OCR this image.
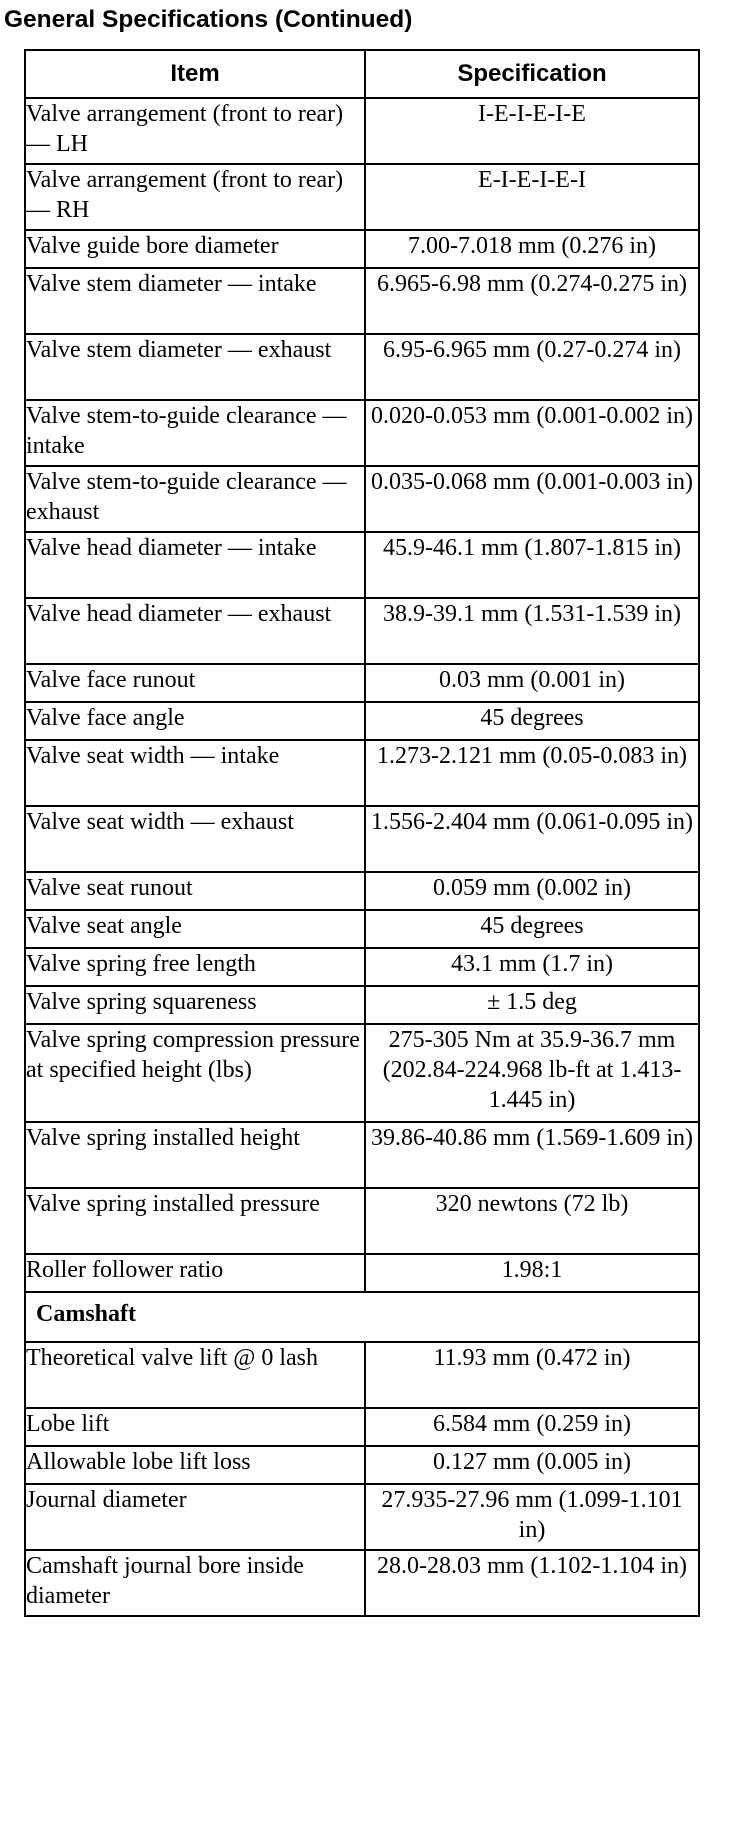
General Specifications (Continued)
Item	Specification
Valve arrangement (front to rear) — LH	I-E-I-E-I-E
Valve arrangement (front to rear) — RH	E-I-E-I-E-I
Valve guide bore diameter	7.00-7.018 mm (0.276 in)
Valve stem diameter — intake	6.965-6.98 mm (0.274-0.275 in)
Valve stem diameter — exhaust	6.95-6.965 mm (0.27-0.274 in)
Valve stem-to-guide clearance — intake	0.020-0.053 mm (0.001-0.002 in)
Valve stem-to-guide clearance — exhaust	0.035-0.068 mm (0.001-0.003 in)
Valve head diameter — intake	45.9-46.1 mm (1.807-1.815 in)
Valve head diameter — exhaust	38.9-39.1 mm (1.531-1.539 in)
Valve face runout	0.03 mm (0.001 in)
Valve face angle	45 degrees
Valve seat width — intake	1.273-2.121 mm (0.05-0.083 in)
Valve seat width — exhaust	1.556-2.404 mm (0.061-0.095 in)
Valve seat runout	0.059 mm (0.002 in)
Valve seat angle	45 degrees
Valve spring free length	43.1 mm (1.7 in)
Valve spring squareness	± 1.5 deg
Valve spring compression pressure at specified height (lbs)	275-305 Nm at 35.9-36.7 mm (202.84-224.968 lb-ft at 1.413-1.445 in)
Valve spring installed height	39.86-40.86 mm (1.569-1.609 in)
Valve spring installed pressure	320 newtons (72 lb)
Roller follower ratio	1.98:1
Camshaft	
Theoretical valve lift @ 0 lash	11.93 mm (0.472 in)
Lobe lift	6.584 mm (0.259 in)
Allowable lobe lift loss	0.127 mm (0.005 in)
Journal diameter	27.935-27.96 mm (1.099-1.101 in)
Camshaft journal bore inside diameter	28.0-28.03 mm (1.102-1.104 in)
